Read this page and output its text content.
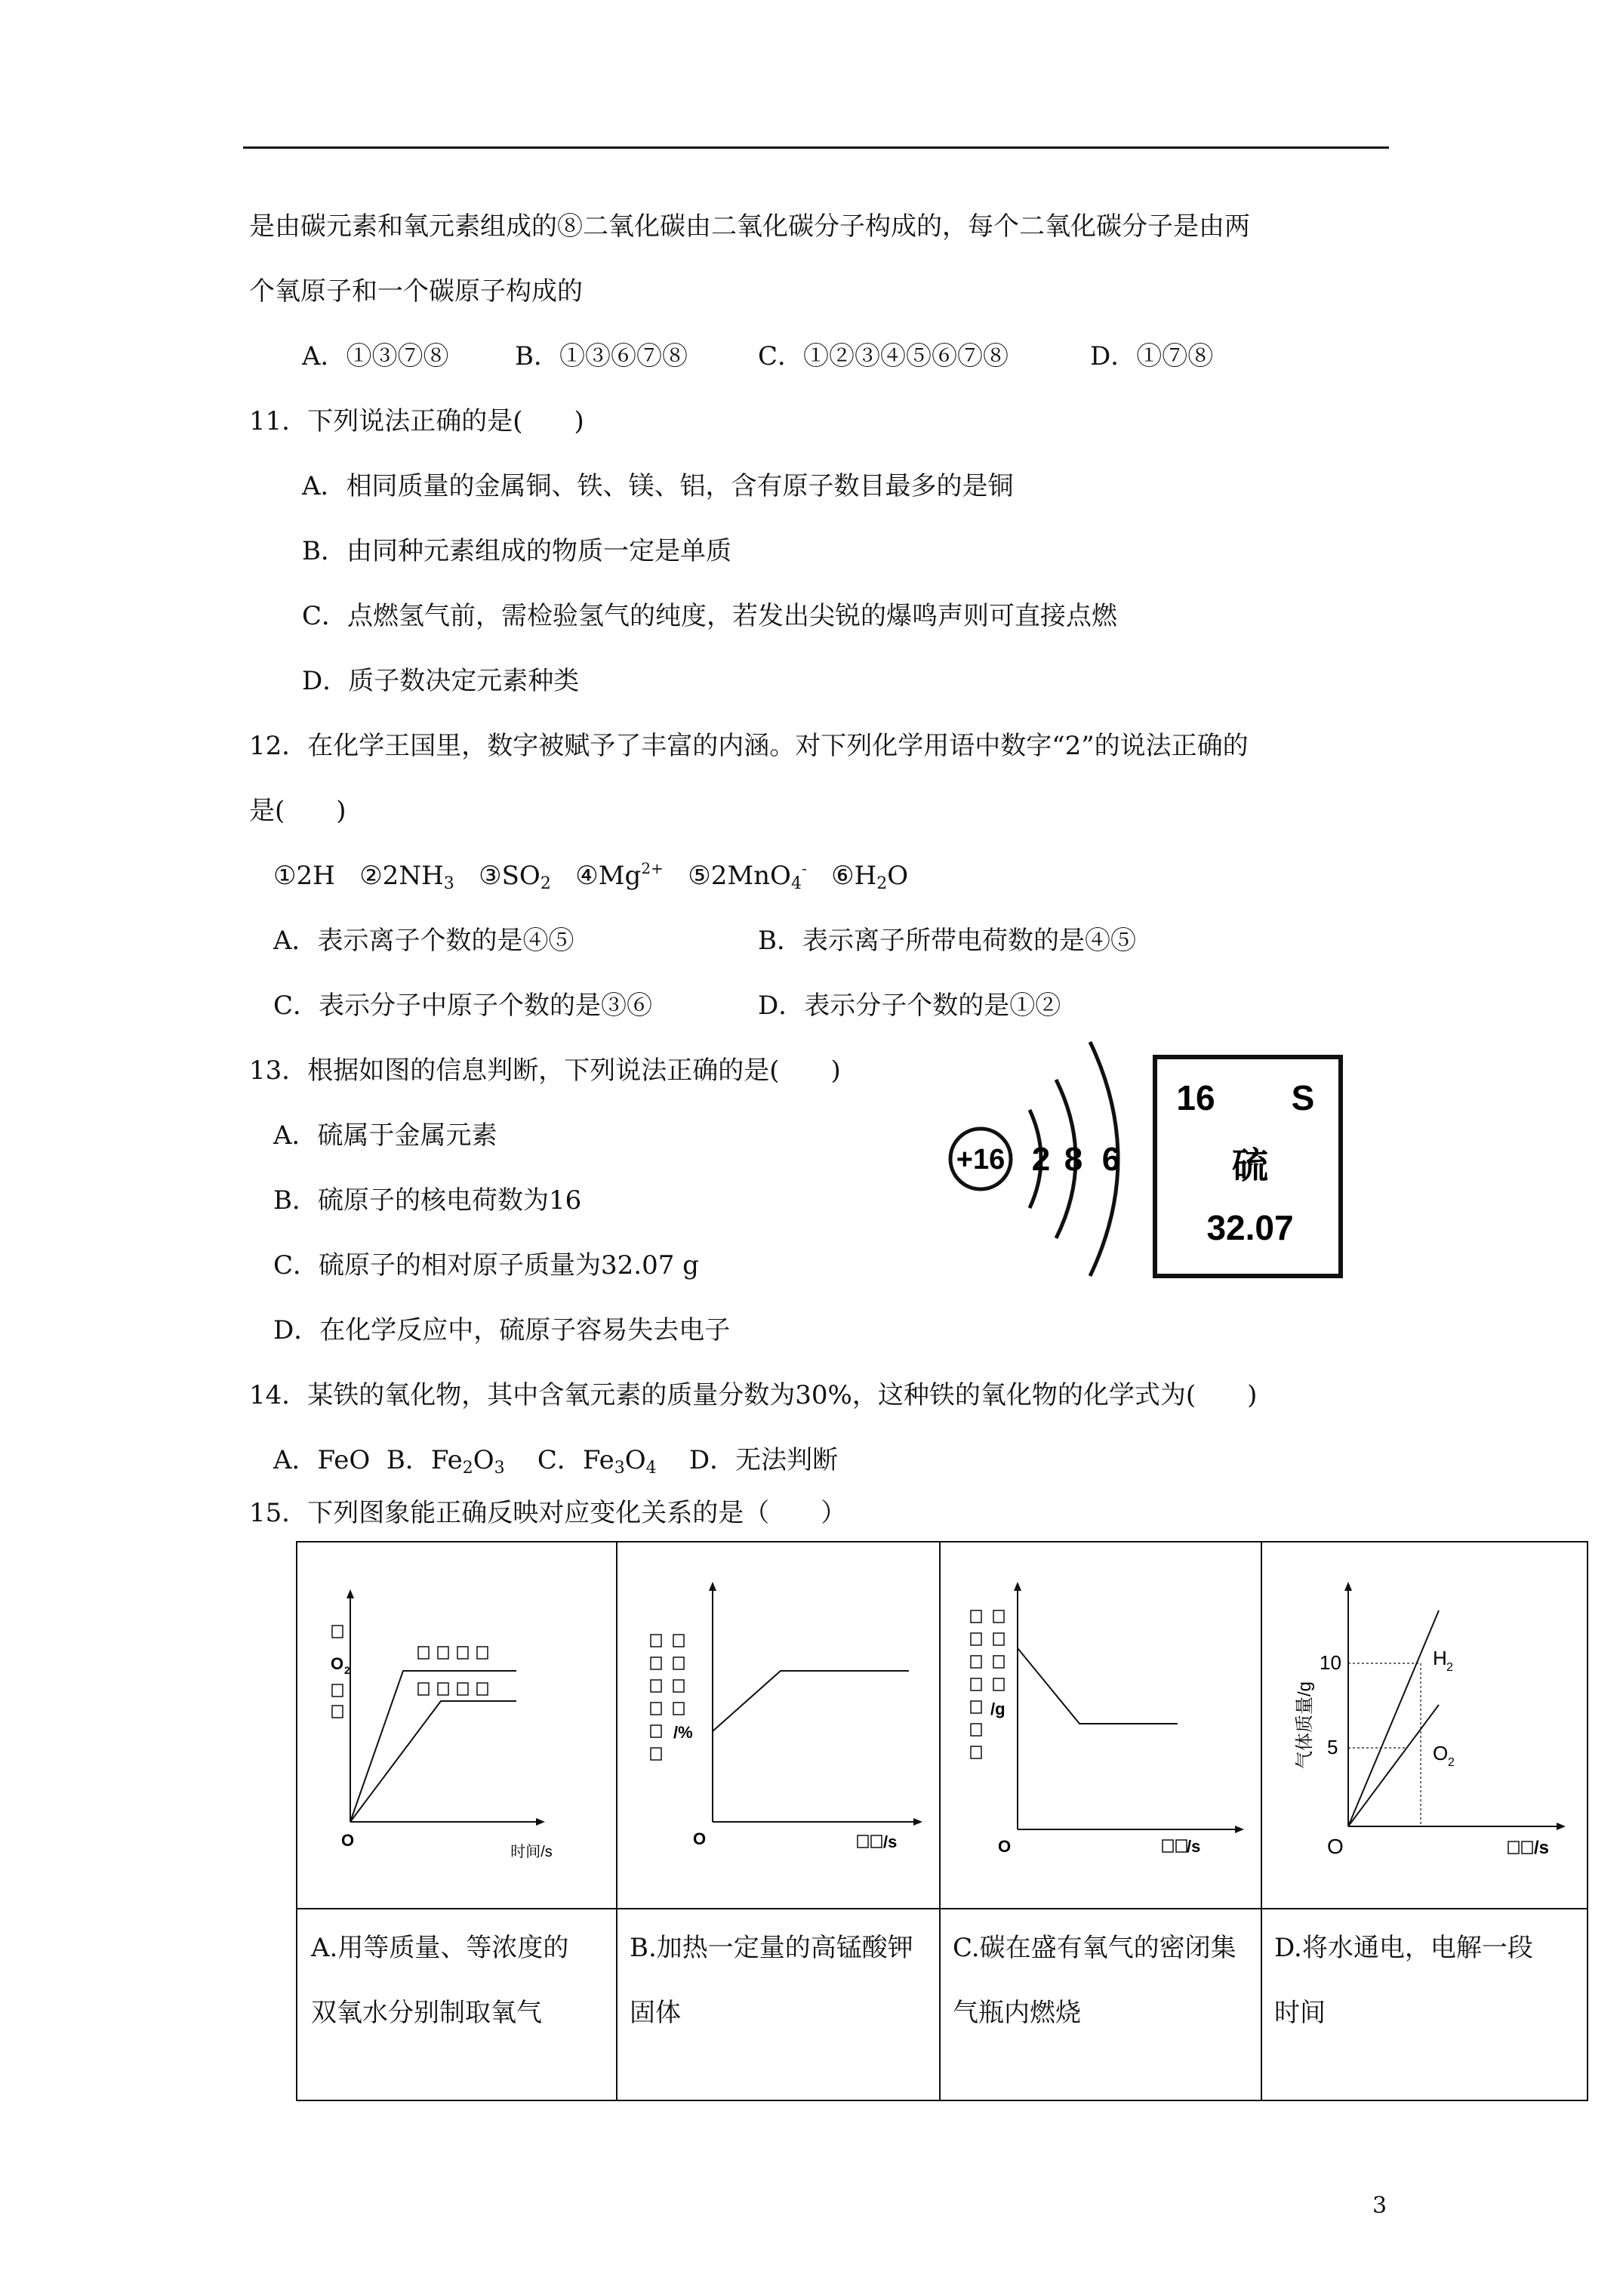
是由碳元素和氧元素组成的⑧二氧化碳由二氧化碳分子构成的，每个二氧化碳分子是由两
个氧原子和一个碳原子构成的
A．①③⑦⑧	B．①③⑥⑦⑧	C．①②③④⑤⑥⑦⑧	D．①⑦⑧
11．下列说法正确的是(　　)
A．相同质量的金属铜、铁、镁、铝，含有原子数目最多的是铜
B．由同种元素组成的物质一定是单质
C．点燃氢气前，需检验氢气的纯度，若发出尖锐的爆鸣声则可直接点燃
D．质子数决定元素种类
12．在化学王国里，数字被赋予了丰富的内涵。对下列化学用语中数字“2”的说法正确的
是(　　)
①2H $②2NH_3$ $③SO_2$ $④Mg^{2+}$ ⑤2MnO$_4$- $⑥H_2O$
A．表示离子个数的是④⑤	B．表示离子所带电荷数的是④⑤
C．表示分子中原子个数的是③⑥	D．表示分子个数的是①②
13．根据如图的信息判断，下列说法正确的是(　　)
A．硫属于金属元素
B．硫原子的核电荷数为16
C．硫原子的相对原子质量为32.07 g
D．在化学反应中，硫原子容易失去电子
+16 2 8 6
16 S
硫
32.07
14．某铁的氧化物，其中含氧元素的质量分数为30%，这种铁的氧化物的化学式为(　　)
A．FeO B．$Fe_2O_3$ C．$Fe_3O_4$ D．无法判断
15．下列图象能正确反映对应变化关系的是（　　）
O 2
O
时间/s
/%
O	/s
/g
O	/s
气体质量/g
10
5
H 2
O 2
O	/s
A.用等质量、等浓度的双氧水分别制取氧气
B.加热一定量的高锰酸钾固体
C.碳在盛有氧气的密闭集气瓶内燃烧
D.将水通电，电解一段时间
3
